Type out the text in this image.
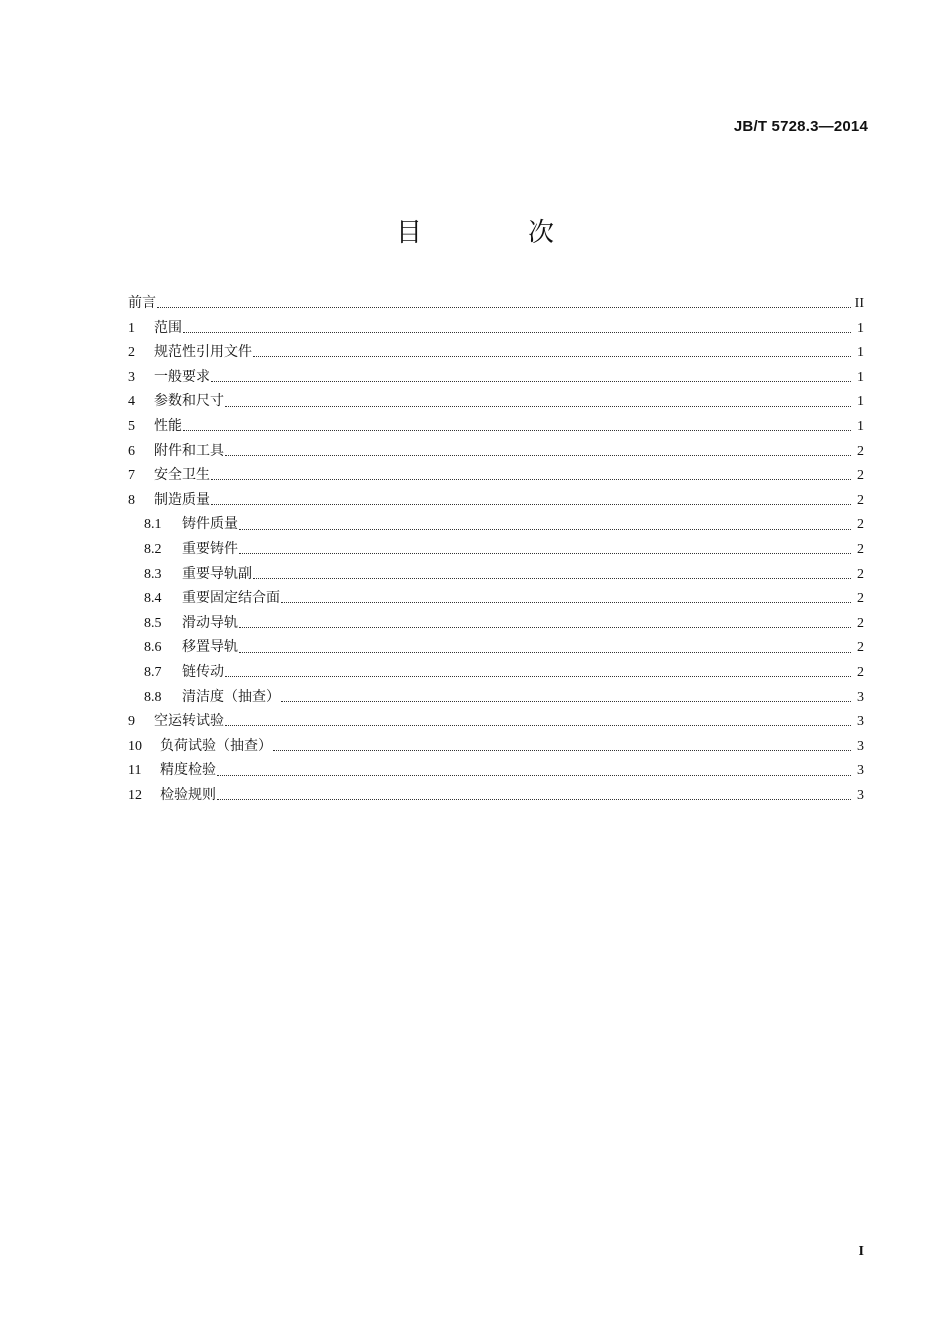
JB/T 5728.3—2014
目　次
前言	II
1	范围	1
2	规范性引用文件	1
3	一般要求	1
4	参数和尺寸	1
5	性能	1
6	附件和工具	2
7	安全卫生	2
8	制造质量	2
8.1	铸件质量	2
8.2	重要铸件	2
8.3	重要导轨副	2
8.4	重要固定结合面	2
8.5	滑动导轨	2
8.6	移置导轨	2
8.7	链传动	2
8.8	清洁度（抽查）	3
9	空运转试验	3
10	负荷试验（抽查）	3
11	精度检验	3
12	检验规则	3
I
